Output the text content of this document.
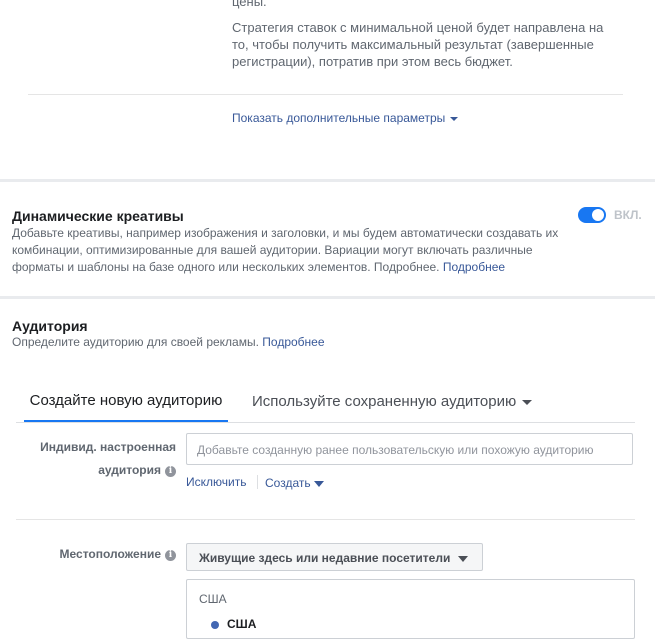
цены.
Стратегия ставок с минимальной ценой будет направлена на то, чтобы получить максимальный результат (завершенные регистрации), потратив при этом весь бюджет.
Показать дополнительные параметры
Динамические креативы	ВКЛ.
Добавьте креативы, например изображения и заголовки, и мы будем автоматически создавать их комбинации, оптимизированные для вашей аудитории. Вариации могут включать различные форматы и шаблоны на базе одного или нескольких элементов. Подробнее. Подробнее
Аудитория
Определите аудиторию для своей рекламы. Подробнее
Создайте новую аудиторию	Используйте сохраненную аудиторию
Индивид. настроенная
аудитория i
Добавьте созданную ранее пользовательскую или похожую аудиторию
Исключить Создать
Местоположение i	Живущие здесь или недавние посетители
США
США
